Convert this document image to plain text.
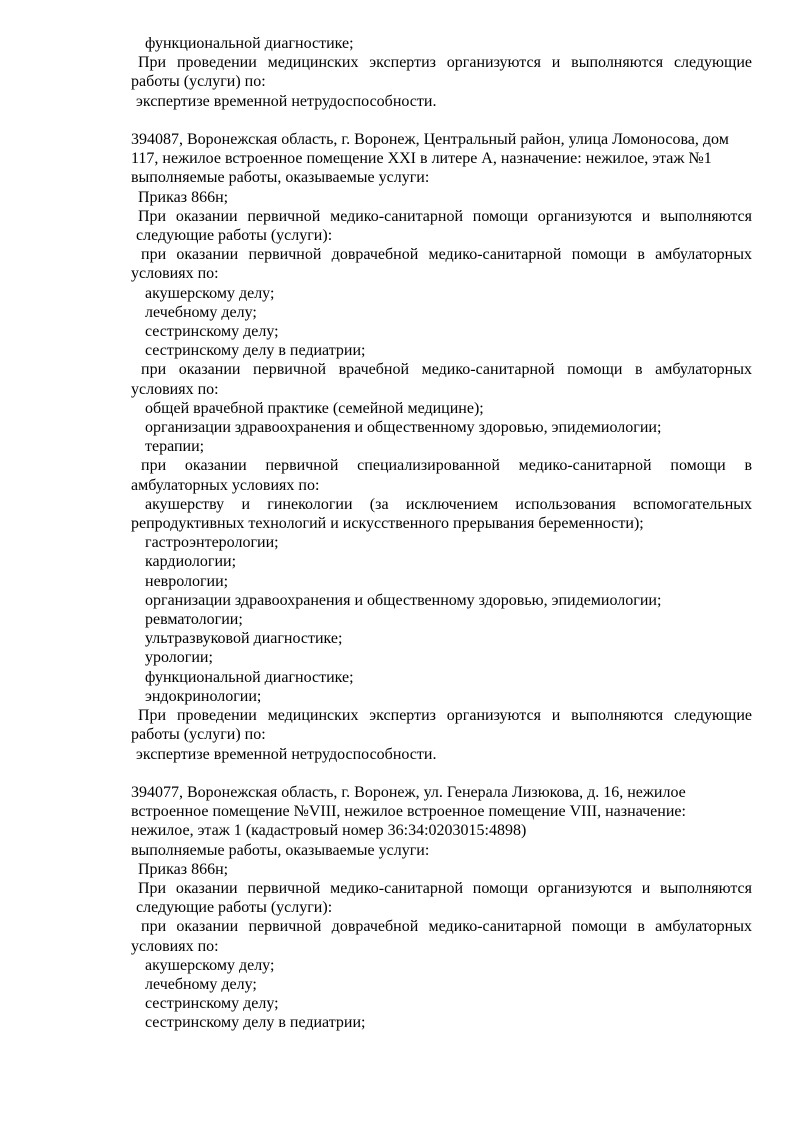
функциональной диагностике;
При проведении медицинских экспертиз организуются и выполняются следующие
работы (услуги) по:
экспертизе временной нетрудоспособности.
394087, Воронежская область, г. Воронеж, Центральный район, улица Ломоносова, дом
117, нежилое встроенное помещение XXI в литере А, назначение: нежилое, этаж №1
выполняемые работы, оказываемые услуги:
Приказ 866н;
При оказании первичной медико-санитарной помощи организуются и выполняются
следующие работы (услуги):
при оказании первичной доврачебной медико-санитарной помощи в амбулаторных
условиях по:
акушерскому делу;
лечебному делу;
сестринскому делу;
сестринскому делу в педиатрии;
при оказании первичной врачебной медико-санитарной помощи в амбулаторных
условиях по:
общей врачебной практике (семейной медицине);
организации здравоохранения и общественному здоровью, эпидемиологии;
терапии;
при оказании первичной специализированной медико-санитарной помощи в
амбулаторных условиях по:
акушерству и гинекологии (за исключением использования вспомогательных
репродуктивных технологий и искусственного прерывания беременности);
гастроэнтерологии;
кардиологии;
неврологии;
организации здравоохранения и общественному здоровью, эпидемиологии;
ревматологии;
ультразвуковой диагностике;
урологии;
функциональной диагностике;
эндокринологии;
При проведении медицинских экспертиз организуются и выполняются следующие
работы (услуги) по:
экспертизе временной нетрудоспособности.
394077, Воронежская область, г. Воронеж, ул. Генерала Лизюкова, д. 16, нежилое
встроенное помещение №VIII, нежилое встроенное помещение VIII, назначение:
нежилое, этаж 1 (кадастровый номер 36:34:0203015:4898)
выполняемые работы, оказываемые услуги:
Приказ 866н;
При оказании первичной медико-санитарной помощи организуются и выполняются
следующие работы (услуги):
при оказании первичной доврачебной медико-санитарной помощи в амбулаторных
условиях по:
акушерскому делу;
лечебному делу;
сестринскому делу;
сестринскому делу в педиатрии;
